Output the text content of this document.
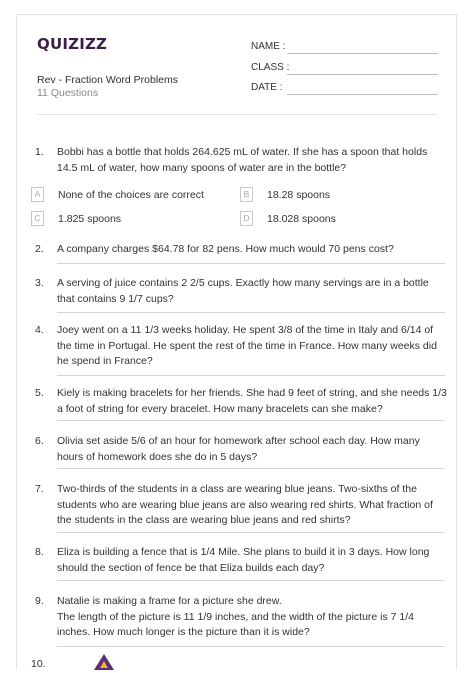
QUIZIZZ
Rev - Fraction Word Problems
11 Questions
NAME :
CLASS :
DATE :
1. Bobbi has a bottle that holds 264.625 mL of water. If she has a spoon that holds 14.5 mL of water, how many spoons of water are in the bottle?
A	None of the choices are correct	B	18.28 spoons
C	1.825 spoons	D	18.028 spoons
2. A company charges $64.78 for 82 pens. How much would 70 pens cost?
3. A serving of juice contains 2 2/5 cups. Exactly how many servings are in a bottle that contains 9 1/7 cups?
4. Joey went on a 11 1/3 weeks holiday. He spent 3/8 of the time in Italy and 6/14 of the time in Portugal. He spent the rest of the time in France. How many weeks did he spend in France?
5. Kiely is making bracelets for her friends. She had 9 feet of string, and she needs 1/3 a foot of string for every bracelet. How many bracelets can she make?
6. Olivia set aside 5/6 of an hour for homework after school each day. How many hours of homework does she do in 5 days?
7. Two-thirds of the students in a class are wearing blue jeans. Two-sixths of the students who are wearing blue jeans are also wearing red shirts. What fraction of the students in the class are wearing blue jeans and red shirts?
8. Eliza is building a fence that is 1/4 Mile. She plans to build it in 3 days. How long should the section of fence be that Eliza builds each day?
9. Natalie is making a frame for a picture she drew.
The length of the picture is 11 1/9 inches, and the width of the picture is 7 1/4 inches. How much longer is the picture than it is wide?
10.
